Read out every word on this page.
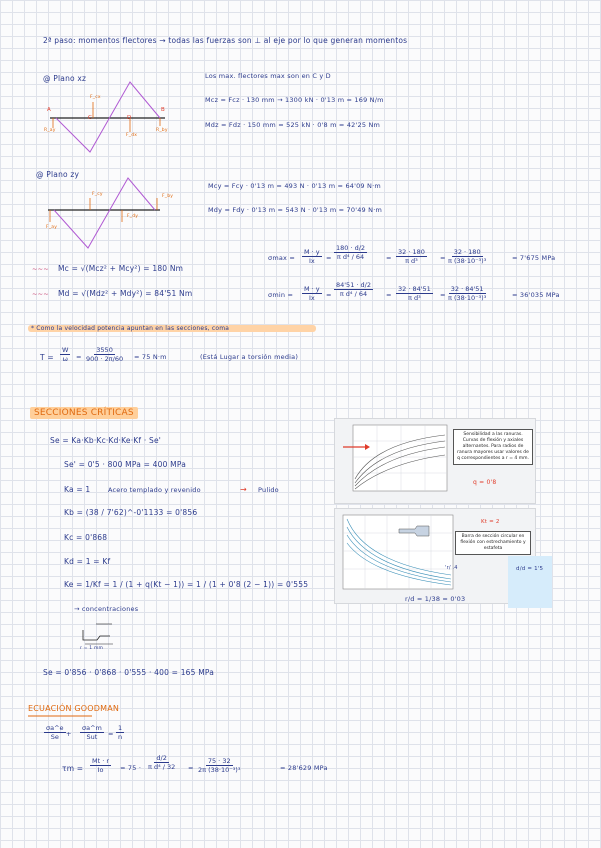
2ª paso: momentos flectores → todas las fuerzas son ⊥ al eje por lo que generan momentos
@ Plano xz
A
C	D
B
R_ay	R_by
F_cx
F_dx
Los max. flectores max son en C y D
Mcz = Fcz · 130 mm → 1300 kN · 0'13 m = 169 N/m
Mdz = Fdz · 150 mm = 525 kN · 0'8 m = 42'25 Nm
@ Plano zy
F_cy
F_dy
F_ay
F_by
Mcy = Fcy · 0'13 m = 493 N · 0'13 m = 64'09 N·m
Mdy = Fdy · 0'13 m = 543 N · 0'13 m = 70'49 N·m
~~~ Mc = √(Mcz² + Mcy²) = 180 Nm
~~~ Md = √(Mdz² + Mdy²) = 84'51 Nm
$\sigma\max = \frac{M \cdot y}{Ix} = \frac{180 \cdot d/2}{\text{π d⁴ / 64}}$	= $\frac{32 \cdot 180}{\text{π d³}} = \frac{32 \cdot 180}{\text{π (38·10⁻³)³}}$	= 7'675 MPa
$\sigma\min = \frac{M \cdot y}{Ix} = \frac{84'51 \cdot d/2}{\text{π d⁴ / 64}} = \frac{32 \cdot 84'51}{\text{π d³}} = \frac{32 \cdot 84'51}{\text{π (38·10⁻³)³}}$	= 36'035 MPa
* Como la velocidad potencia apuntan en las secciones, coma
$T = \frac{W}{\omega} = \frac{3550}{900 \cdot 2\pi/60} = 75$ N·m	(Está Lugar a torsión media)
SECCIONES CRÍTICAS
Se = Ka·Kb·Kc·Kd·Ke·Kf · Se'
Se' = 0'5 · 800 MPa = 400 MPa
Ka = 1	Acero templado y revenido	→ Pulido
Kb = (38 / 7'62)^-0'1133 = 0'856
Kc = 0'868
Kd = 1 = Kf
Ke = 1/Kf = 1 / (1 + q(Kt − 1)) = 1 / (1 + 0'8 (2 − 1)) = 0'555
→ concentraciones
r = 1 mm
Se = 0'856 · 0'868 · 0'555 · 400 = 165 MPa
ECUACIÓN GOODMAN
$\frac{\sigma a\^{}e}{Se}$ +
σa^m
Sut = $\frac{1}{n}$
$\tau m = \frac{Mt \cdot r}{Io} = 75 \cdot \frac{d/2}{\text{π d⁴ / 32}} = \frac{75 \cdot 32}{\text{2π (38·10⁻³)³}}$	= 28'629 MPa
Sensibilidad a las ranuras. Curvas de flexión y axiales alternantes. Para radios de ranura mayores usar valores de q correspondientes a r = 4 mm.
q = 0'8
Barra de sección circular en flexión con estrechamiento y estafeta
Kt = 2
'r/ .4
r/d = 1/38 = 0'03
d/d = 1'5
